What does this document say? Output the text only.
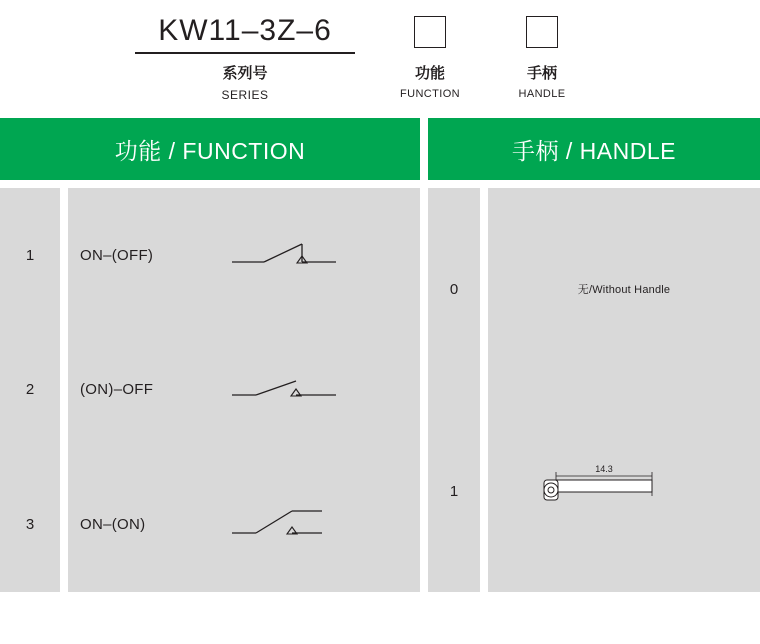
KW11–3Z–6
系列号
SERIES
功能
FUNCTION
手柄
HANDLE
功能 / FUNCTION	手柄 / HANDLE
1
2
3
ON–(OFF)
(ON)–OFF
ON–(ON)
0
1
无/Without Handle
14.3
